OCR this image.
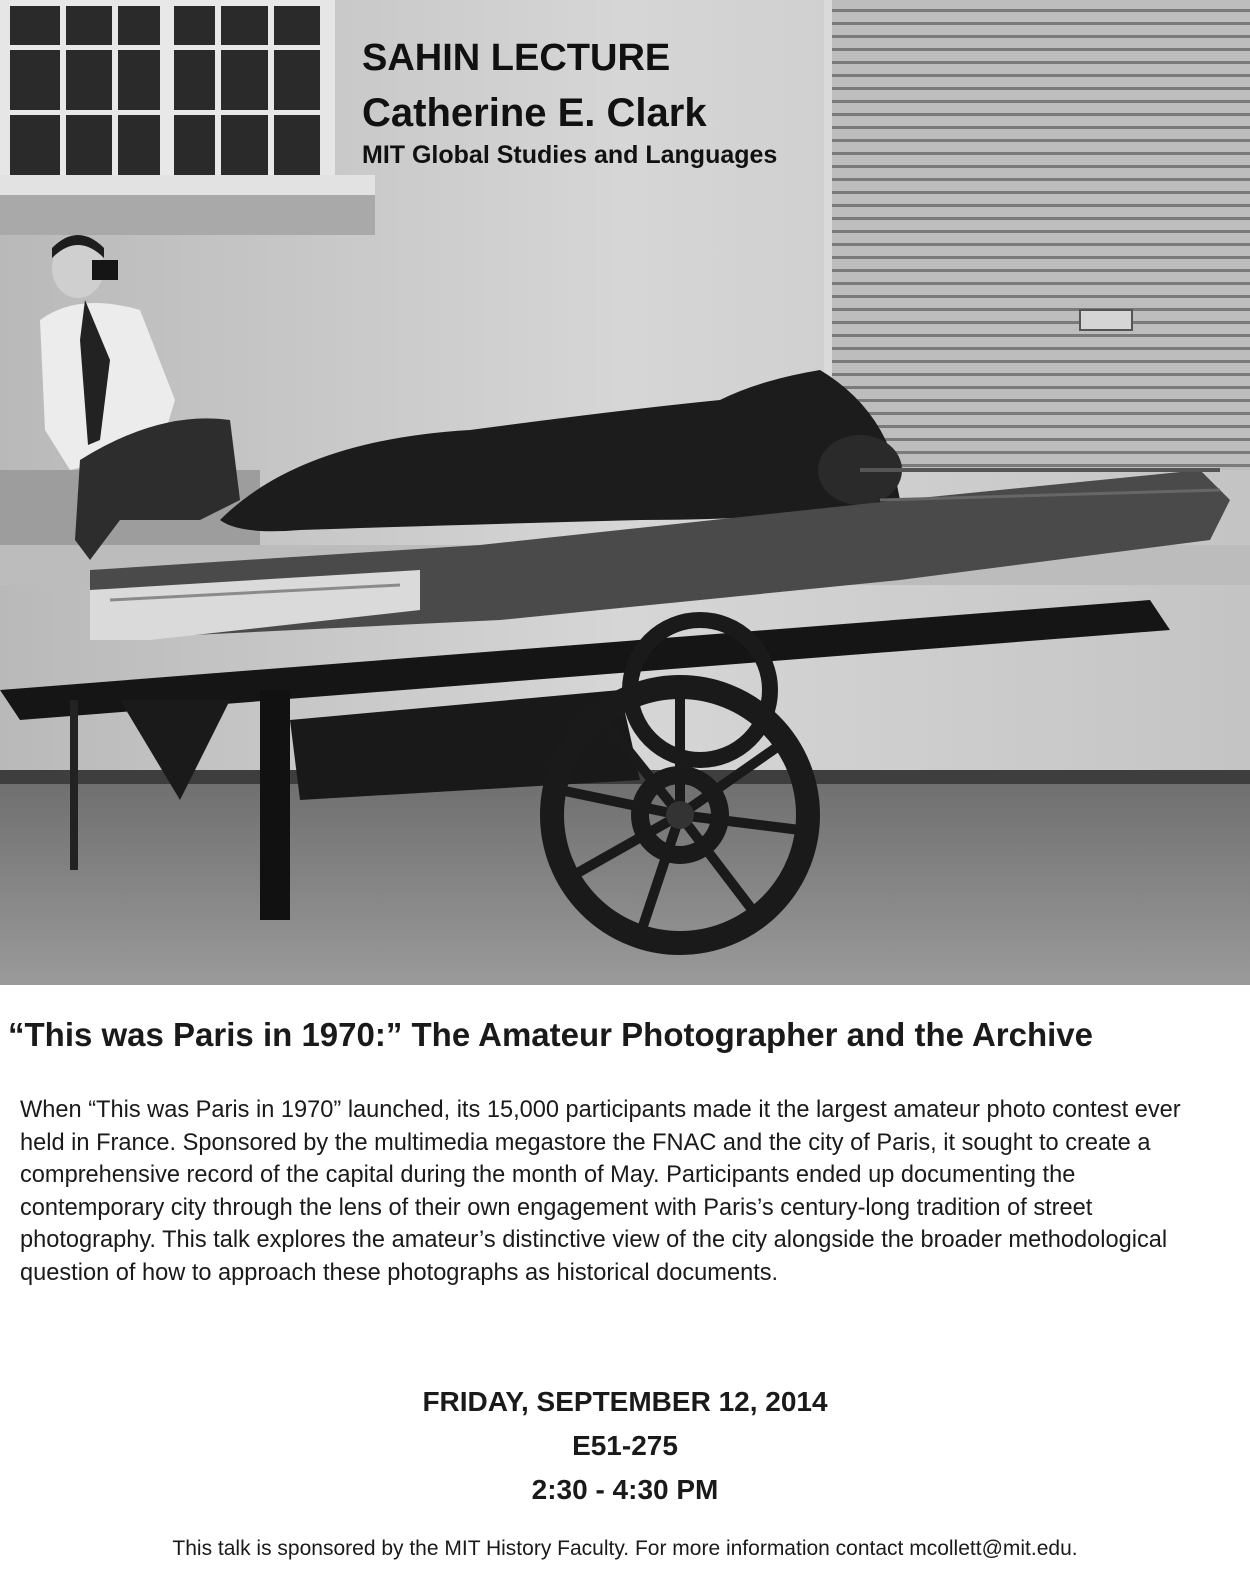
SAHIN LECTURE
Catherine E. Clark
MIT Global Studies and Languages
“This was Paris in 1970:” The Amateur Photographer and the Archive

When “This was Paris in 1970” launched, its 15,000 participants made it the largest amateur photo contest ever held in France. Sponsored by the multimedia megastore the FNAC and the city of Paris, it sought to create a comprehensive record of the capital during the month of May. Participants ended up documenting the contemporary city through the lens of their own engagement with Paris’s century-long tradition of street photography. This talk explores the amateur’s distinctive view of the city alongside the broader methodological question of how to approach these photographs as historical documents.

FRIDAY, SEPTEMBER 12, 2014
E51-275
2:30 - 4:30 PM
This talk is sponsored by the MIT History Faculty. For more information contact mcollett@mit.edu.
